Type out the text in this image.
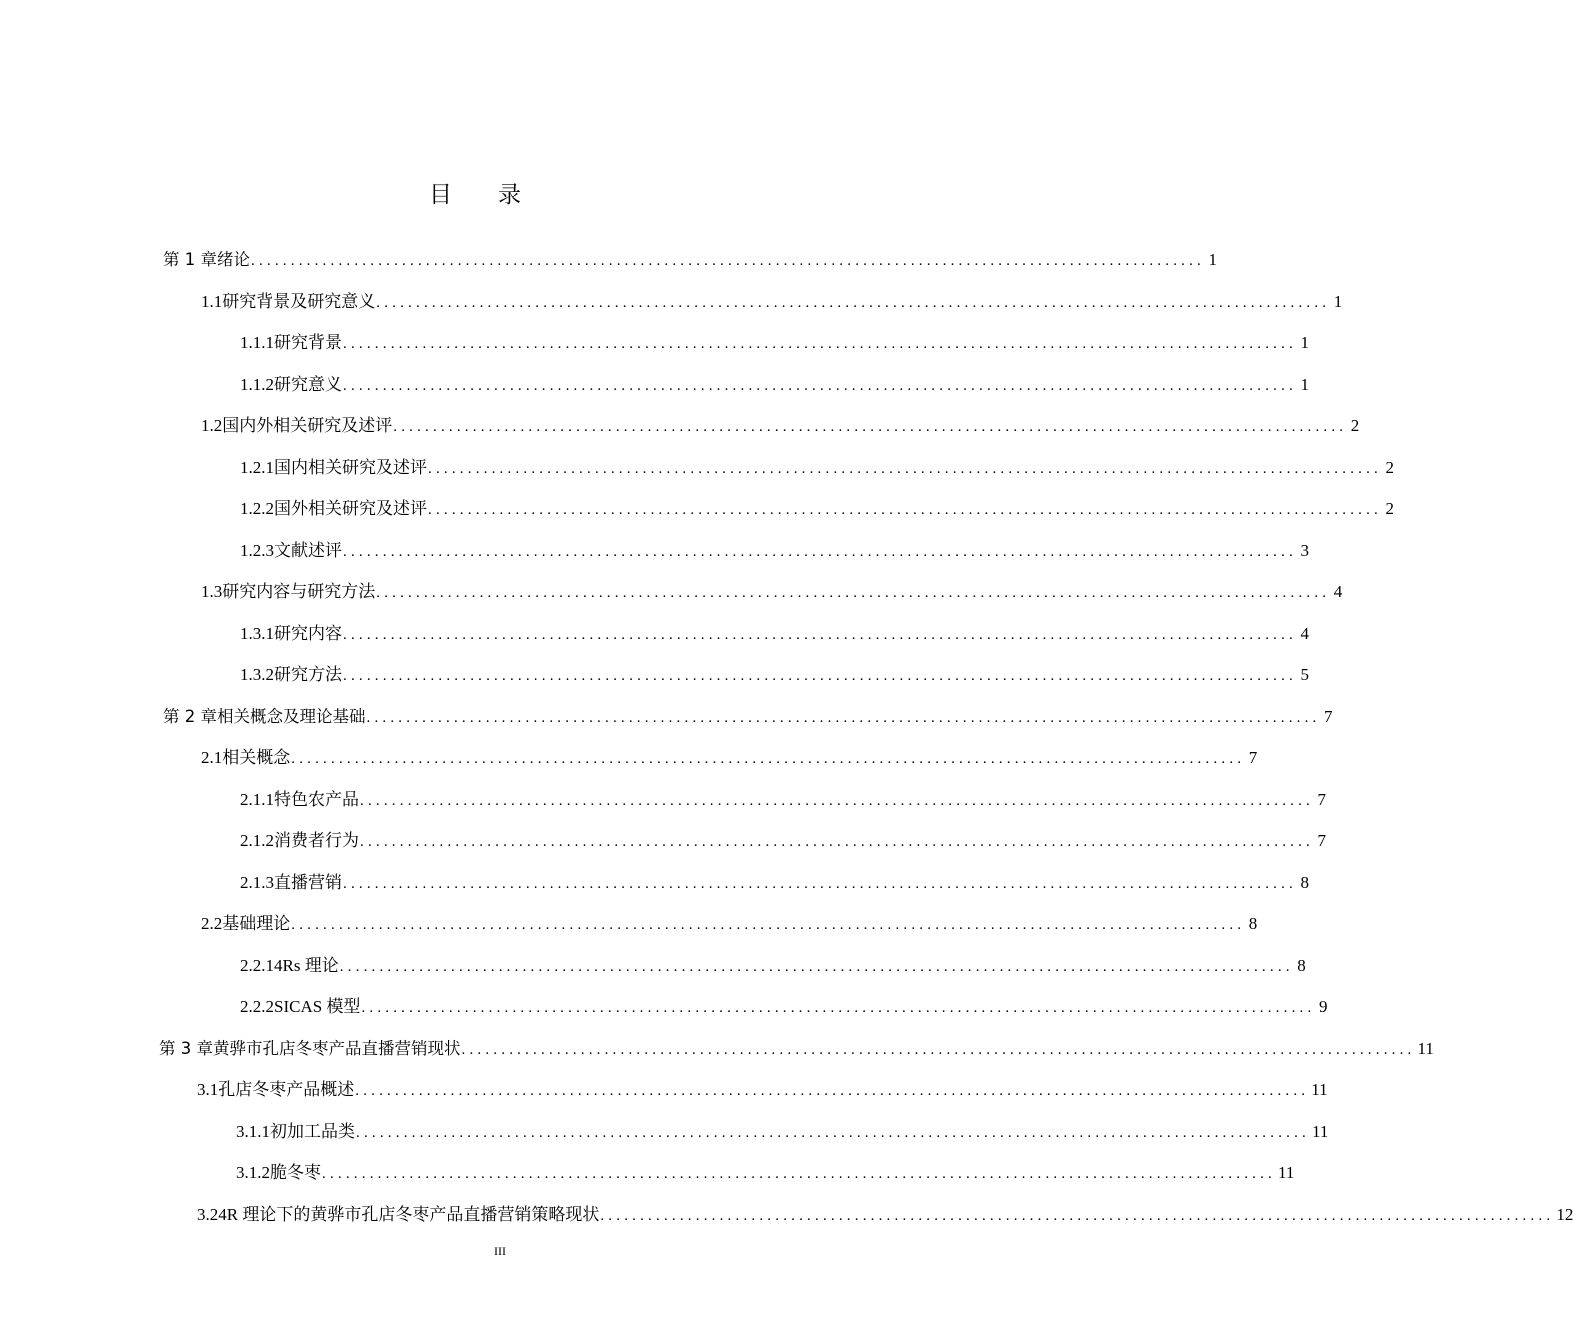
目 录
第 1 章 绪论 ........................................................................................................................ 1
1.1 研究背景及研究意义 ........................................................................................................................ 1
1.1.1 研究背景 ........................................................................................................................ 1
1.1.2 研究意义 ........................................................................................................................ 1
1.2 国内外相关研究及述评 ........................................................................................................................ 2
1.2.1 国内相关研究及述评 ........................................................................................................................ 2
1.2.2 国外相关研究及述评 ........................................................................................................................ 2
1.2.3 文献述评 ........................................................................................................................ 3
1.3 研究内容与研究方法 ........................................................................................................................ 4
1.3.1 研究内容 ........................................................................................................................ 4
1.3.2 研究方法 ........................................................................................................................ 5
第 2 章 相关概念及理论基础 ........................................................................................................................ 7
2.1 相关概念 ........................................................................................................................ 7
2.1.1 特色农产品 ........................................................................................................................ 7
2.1.2 消费者行为 ........................................................................................................................ 7
2.1.3 直播营销 ........................................................................................................................ 8
2.2 基础理论 ........................................................................................................................ 8
2.2.1 4Rs 理论 ........................................................................................................................ 8
2.2.2 SICAS 模型 ........................................................................................................................ 9
第 3 章 黄骅市孔店冬枣产品直播营销现状 ........................................................................................................................ 11
3.1 孔店冬枣产品概述 ........................................................................................................................ 11
3.1.1 初加工品类 ........................................................................................................................ 11
3.1.2 脆冬枣 ........................................................................................................................ 11
3.2 4R 理论下的黄骅市孔店冬枣产品直播营销策略现状 ........................................................................................................................ 12
III
